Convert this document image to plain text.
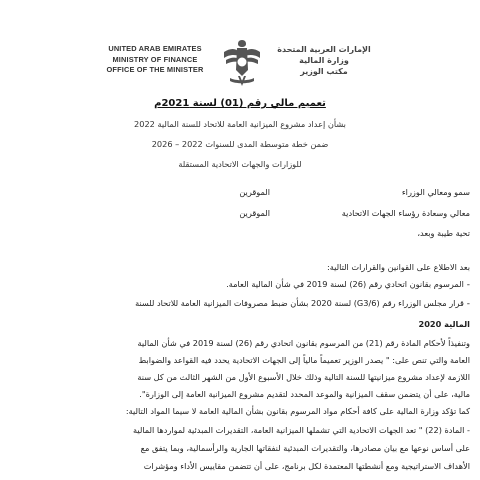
UNITED ARAB EMIRATES
MINISTRY OF FINANCE
OFFICE OF THE MINISTER
الإمارات العربية المتحدة
وزارة المالية
مكتب الوزير
تعميم مالي رقم (01) لسنة 2021م
بشأن إعداد مشروع الميزانية العامة للاتحاد للسنة المالية 2022
ضمن خطة متوسطة المدى للسنوات 2022 – 2026
للوزارات والجهات الاتحادية المستقلة
سمو ومعالي الوزراء
الموقرين
معالي وسعادة رؤساء الجهات الاتحادية
الموقرين
تحية طيبة وبعد،
بعد الاطلاع على القوانين والقرارات التالية:
- المرسوم بقانون اتحادي رقم (26) لسنة 2019 في شأن المالية العامة.
- قرار مجلس الوزراء رقم (6/G3) لسنة 2020 بشأن ضبط مصروفات الميزانية العامة للاتحاد للسنة
المالية 2020
وتنفيذاً لأحكام المادة رقم (21) من المرسوم بقانون اتحادي رقم (26) لسنة 2019 في شأن المالية
العامة والتي تنص على: " يصدر الوزير تعميماً مالياً إلى الجهات الاتحادية يحدد فيه القواعد والضوابط
اللازمة لإعداد مشروع ميزانيتها للسنة التالية وذلك خلال الأسبوع الأول من الشهر الثالث من كل سنة
مالية، على أن يتضمن سقف الميزانية والموعد المحدد لتقديم مشروع الميزانية العامة إلى الوزارة".
كما تؤكد وزارة المالية على كافة أحكام مواد المرسوم بقانون بشأن المالية العامة لا سيما المواد التالية:
- المادة (22) " تعد الجهات الاتحادية التي تشملها الميزانية العامة، التقديرات المبدئية لمواردها المالية
على أساس نوعها مع بيان مصادرها، والتقديرات المبدئية لنفقاتها الجارية والرأسمالية، وبما يتفق مع
الأهداف الاستراتيجية ومع أنشطتها المعتمدة لكل برنامج، على أن تتضمن مقاييس الأداء ومؤشرات
